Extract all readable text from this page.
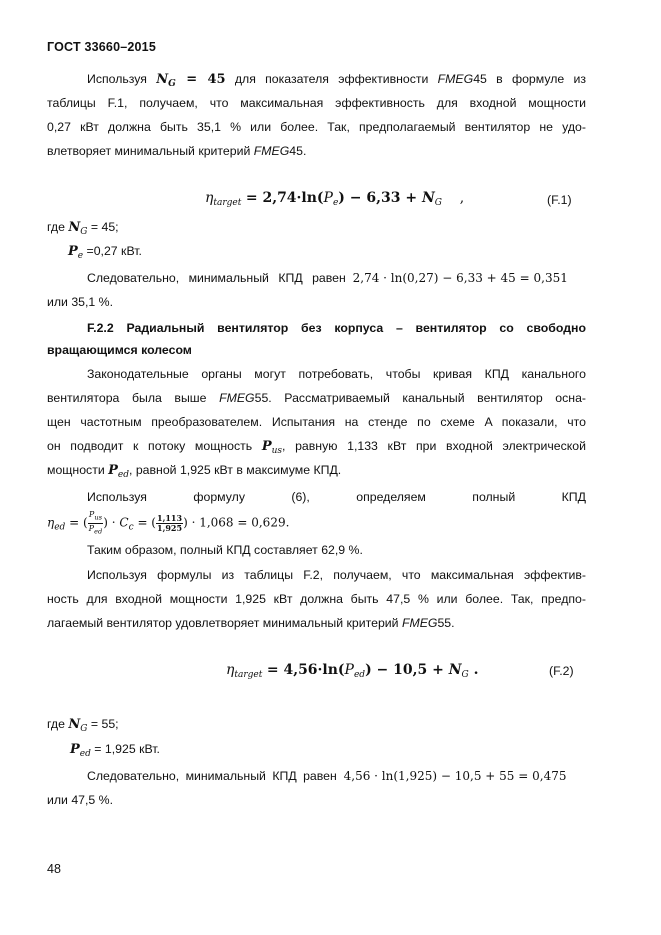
ГОСТ 33660–2015
Используя $N_G = 45$ для показателя эффективности FMEG45 в формуле из
таблицы F.1, получаем, что максимальная эффективность для входной мощности
0,27 кВт должна быть 35,1 % или более. Так, предполагаемый вентилятор не удо-
влетворяет минимальный критерий FMEG45.
$\eta_{target} = 2,74\cdot\ln(P_e) - 6,33 + N_G$    ,	(F.1)
где $N_G = 45$;
$P_e =0,27$ кВт.
Следовательно, минимальный КПД равен 2,74 · ln(0,27) − 6,33 + 45 = 0,351
или 35,1 %.
F.2.2 Радиальный вентилятор без корпуса – вентилятор со свободно
вращающимся колесом
Законодательные органы могут потребовать, чтобы кривая КПД канального
вентилятора была выше FMEG55. Рассматриваемый канальный вентилятор осна-
щен частотным преобразователем. Испытания на стенде по схеме A показали, что
он подводит к потоку мощность $P_{us}$, равную 1,133 кВт при входной электрической
мощности $P_{ed}$, равной 1,925 кВт в максимуме КПД.
Используя	формулу	(6),	определяем	полный	КПД
$\eta_{ed}$ = ( $\frac{P_{us}}{P_{ed}}$ ) · $C_c$ = ( $\frac{1,113}{1,925}$ ) · 1,068 = 0,629.
Таким образом, полный КПД составляет 62,9 %.
Используя формулы из таблицы F.2, получаем, что максимальная эффектив-
ность для входной мощности 1,925 кВт должна быть 47,5 % или более. Так, предпо-
лагаемый вентилятор удовлетворяет минимальный критерий FMEG55.
$\eta_{target} = 4,56\cdot\ln(P_{ed}) - 10,5 + N_G$ .	(F.2)
где $N_G = 55$;
$P_{ed} = 1,925$ кВт.
Следовательно, минимальный КПД равен 4,56 · ln(1,925) − 10,5 + 55 = 0,475
или 47,5 %.
48
